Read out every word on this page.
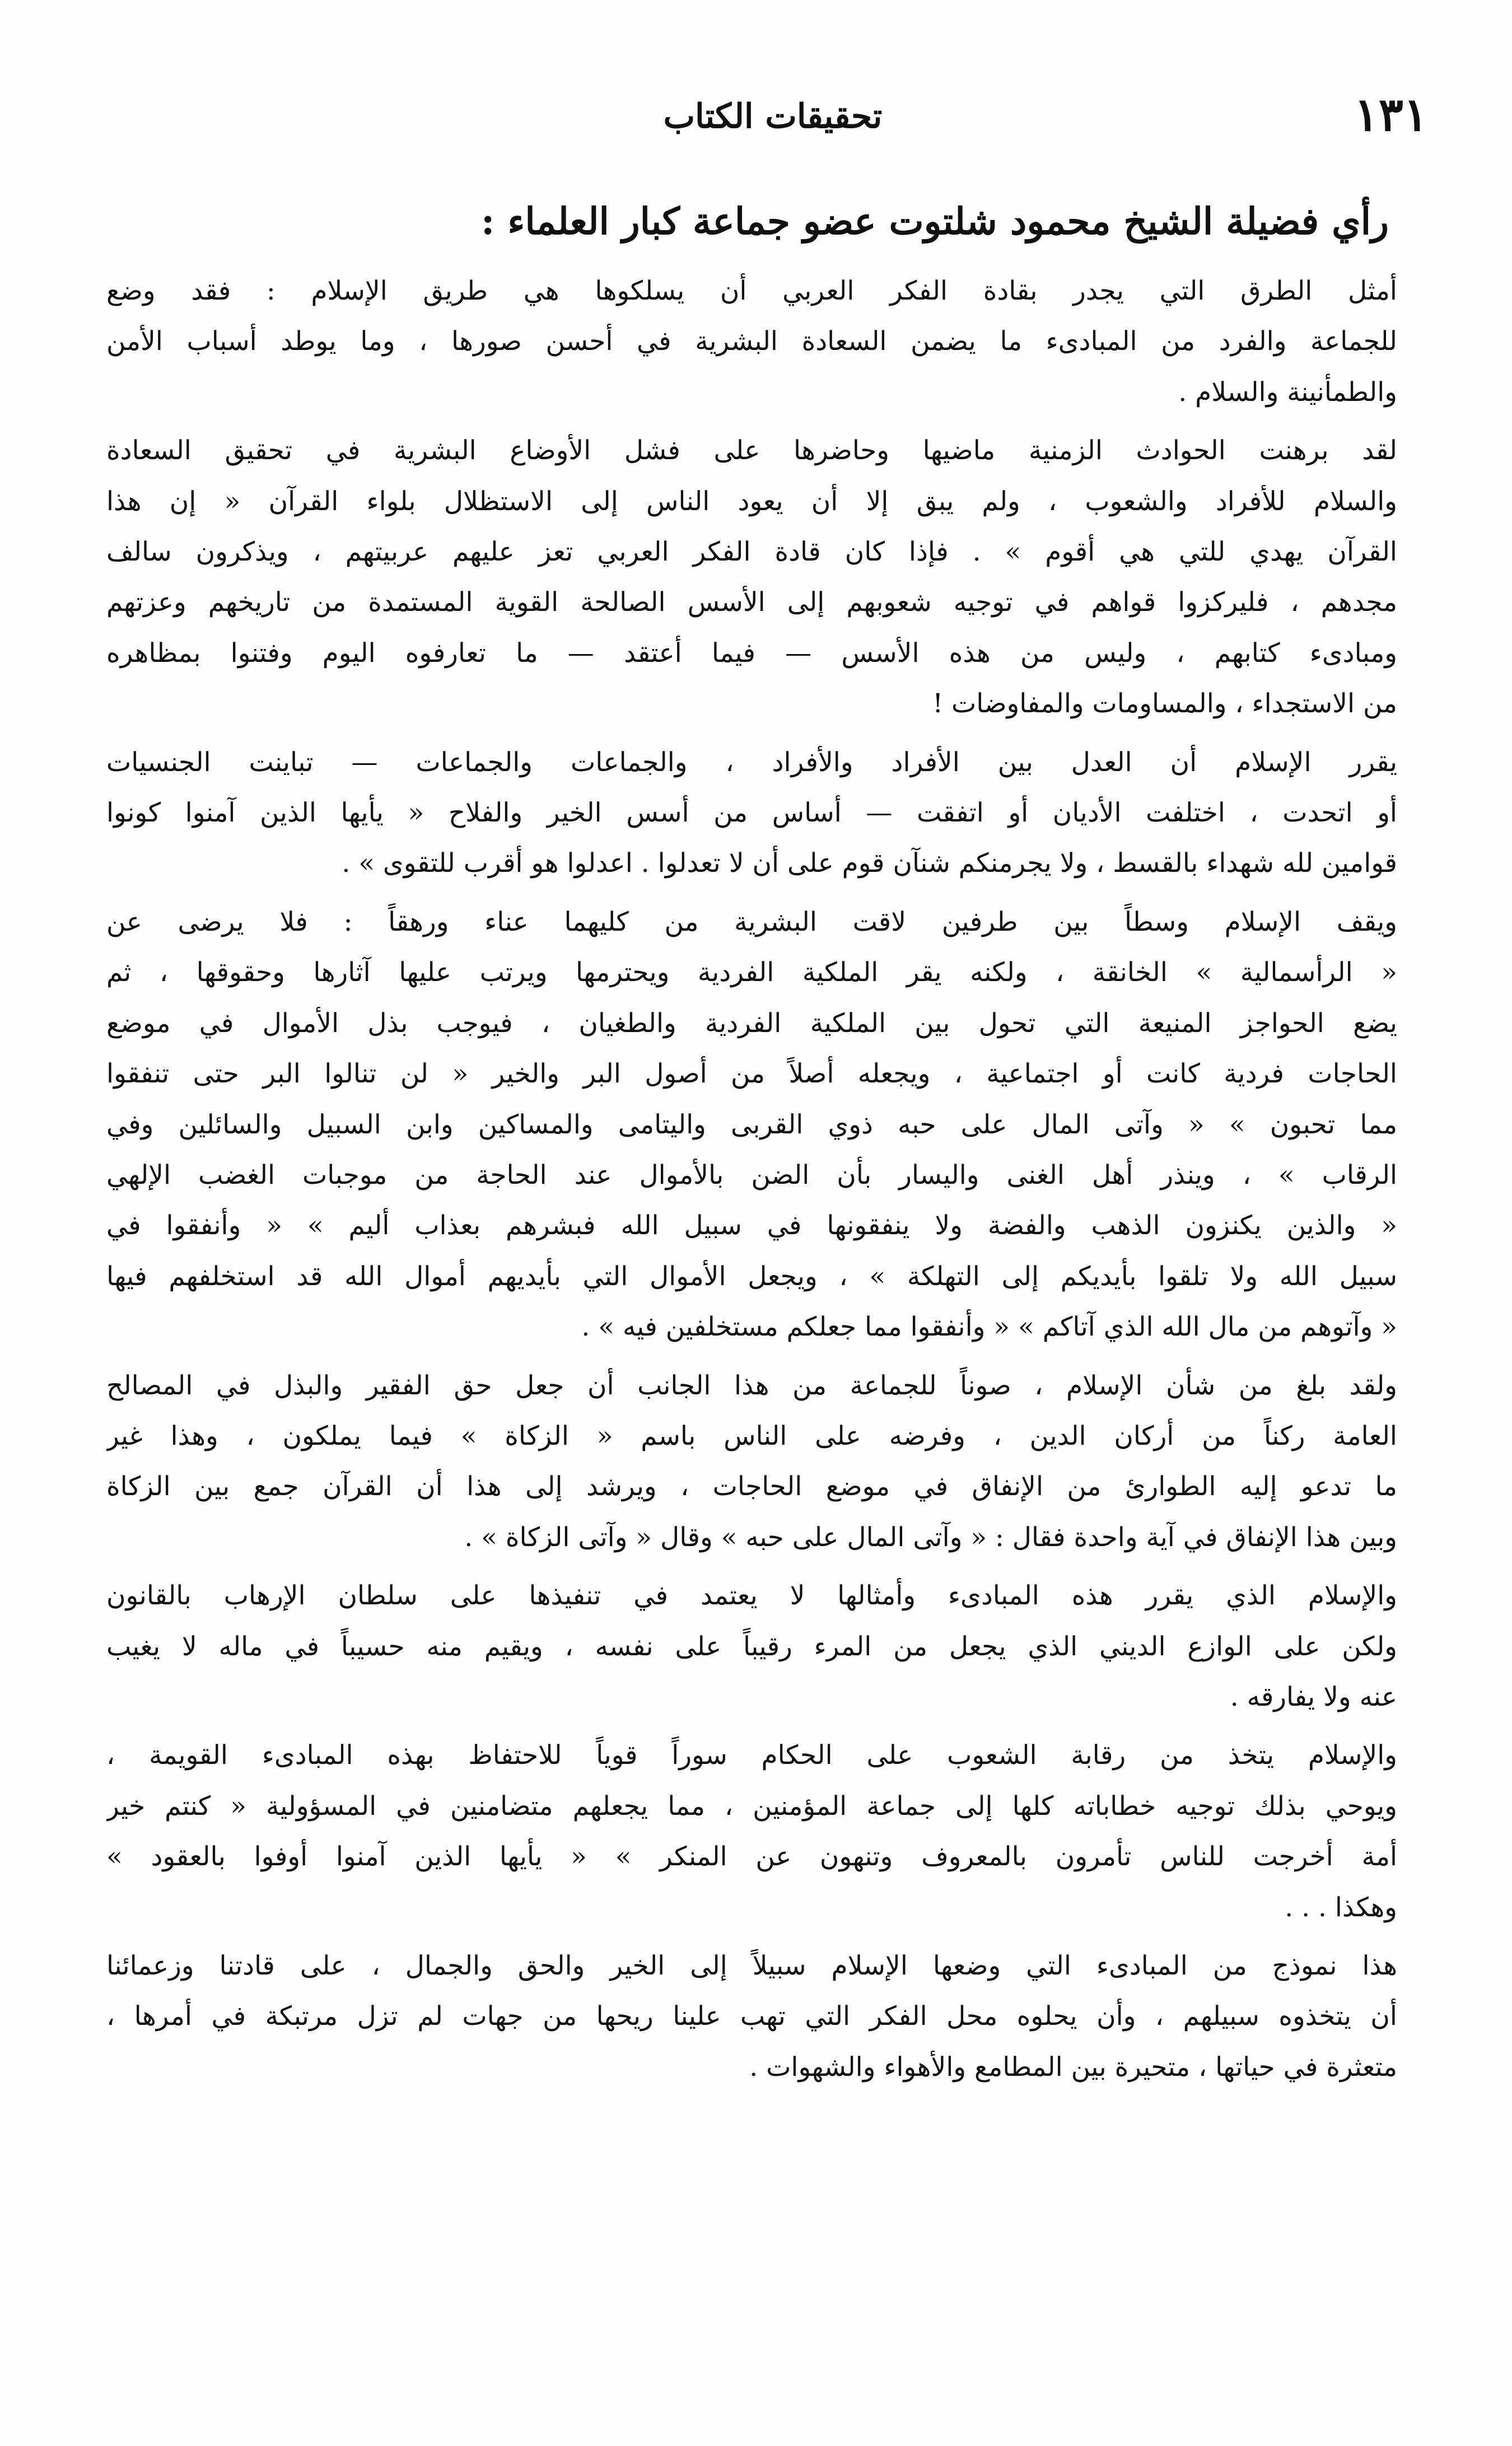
١٣١
تحقيقات الكتاب
رأي فضيلة الشيخ محمود شلتوت عضو جماعة كبار العلماء :

أمثل الطرق التي يجدر بقادة الفكر العربي أن يسلكوها هي طريق الإسلام : فقد وضع
للجماعة والفرد من المبادىء ما يضمن السعادة البشرية في أحسن صورها ، وما يوطد أسباب الأمن
والطمأنينة والسلام .

لقد برهنت الحوادث الزمنية ماضيها وحاضرها على فشل الأوضاع البشرية في تحقيق السعادة
والسلام للأفراد والشعوب ، ولم يبق إلا أن يعود الناس إلى الاستظلال بلواء القرآن « إن هذا
القرآن يهدي للتي هي أقوم » . فإذا كان قادة الفكر العربي تعز عليهم عربيتهم ، ويذكرون سالف
مجدهم ، فليركزوا قواهم في توجيه شعوبهم إلى الأسس الصالحة القوية المستمدة من تاريخهم وعزتهم
ومبادىء كتابهم ، وليس من هذه الأسس — فيما أعتقد — ما تعارفوه اليوم وفتنوا بمظاهره
من الاستجداء ، والمساومات والمفاوضات !

يقرر الإسلام أن العدل بين الأفراد والأفراد ، والجماعات والجماعات — تباينت الجنسيات
أو اتحدت ، اختلفت الأديان أو اتفقت — أساس من أسس الخير والفلاح « يأيها الذين آمنوا كونوا
قوامين لله شهداء بالقسط ، ولا يجرمنكم شنآن قوم على أن لا تعدلوا . اعدلوا هو أقرب للتقوى » .

ويقف الإسلام وسطاً بين طرفين لاقت البشرية من كليهما عناء ورهقاً : فلا يرضى عن
« الرأسمالية » الخانقة ، ولكنه يقر الملكية الفردية ويحترمها ويرتب عليها آثارها وحقوقها ، ثم
يضع الحواجز المنيعة التي تحول بين الملكية الفردية والطغيان ، فيوجب بذل الأموال في موضع
الحاجات فردية كانت أو اجتماعية ، ويجعله أصلاً من أصول البر والخير « لن تنالوا البر حتى تنفقوا
مما تحبون » « وآتى المال على حبه ذوي القربى واليتامى والمساكين وابن السبيل والسائلين وفي
الرقاب » ، وينذر أهل الغنى واليسار بأن الضن بالأموال عند الحاجة من موجبات الغضب الإلهي
« والذين يكنزون الذهب والفضة ولا ينفقونها في سبيل الله فبشرهم بعذاب أليم » « وأنفقوا في
سبيل الله ولا تلقوا بأيديكم إلى التهلكة » ، ويجعل الأموال التي بأيديهم أموال الله قد استخلفهم فيها
« وآتوهم من مال الله الذي آتاكم » « وأنفقوا مما جعلكم مستخلفين فيه » .

ولقد بلغ من شأن الإسلام ، صوناً للجماعة من هذا الجانب أن جعل حق الفقير والبذل في المصالح
العامة ركناً من أركان الدين ، وفرضه على الناس باسم « الزكاة » فيما يملكون ، وهذا غير
ما تدعو إليه الطوارئ من الإنفاق في موضع الحاجات ، ويرشد إلى هذا أن القرآن جمع بين الزكاة
وبين هذا الإنفاق في آية واحدة فقال : « وآتى المال على حبه » وقال « وآتى الزكاة » .

والإسلام الذي يقرر هذه المبادىء وأمثالها لا يعتمد في تنفيذها على سلطان الإرهاب بالقانون
ولكن على الوازع الديني الذي يجعل من المرء رقيباً على نفسه ، ويقيم منه حسيباً في ماله لا يغيب
عنه ولا يفارقه .

والإسلام يتخذ من رقابة الشعوب على الحكام سوراً قوياً للاحتفاظ بهذه المبادىء القويمة ،
ويوحي بذلك توجيه خطاباته كلها إلى جماعة المؤمنين ، مما يجعلهم متضامنين في المسؤولية « كنتم خير
أمة أخرجت للناس تأمرون بالمعروف وتنهون عن المنكر » « يأيها الذين آمنوا أوفوا بالعقود »
وهكذا . . .

هذا نموذج من المبادىء التي وضعها الإسلام سبيلاً إلى الخير والحق والجمال ، على قادتنا وزعمائنا
أن يتخذوه سبيلهم ، وأن يحلوه محل الفكر التي تهب علينا ريحها من جهات لم تزل مرتبكة في أمرها ،
متعثرة في حياتها ، متحيرة بين المطامع والأهواء والشهوات .
